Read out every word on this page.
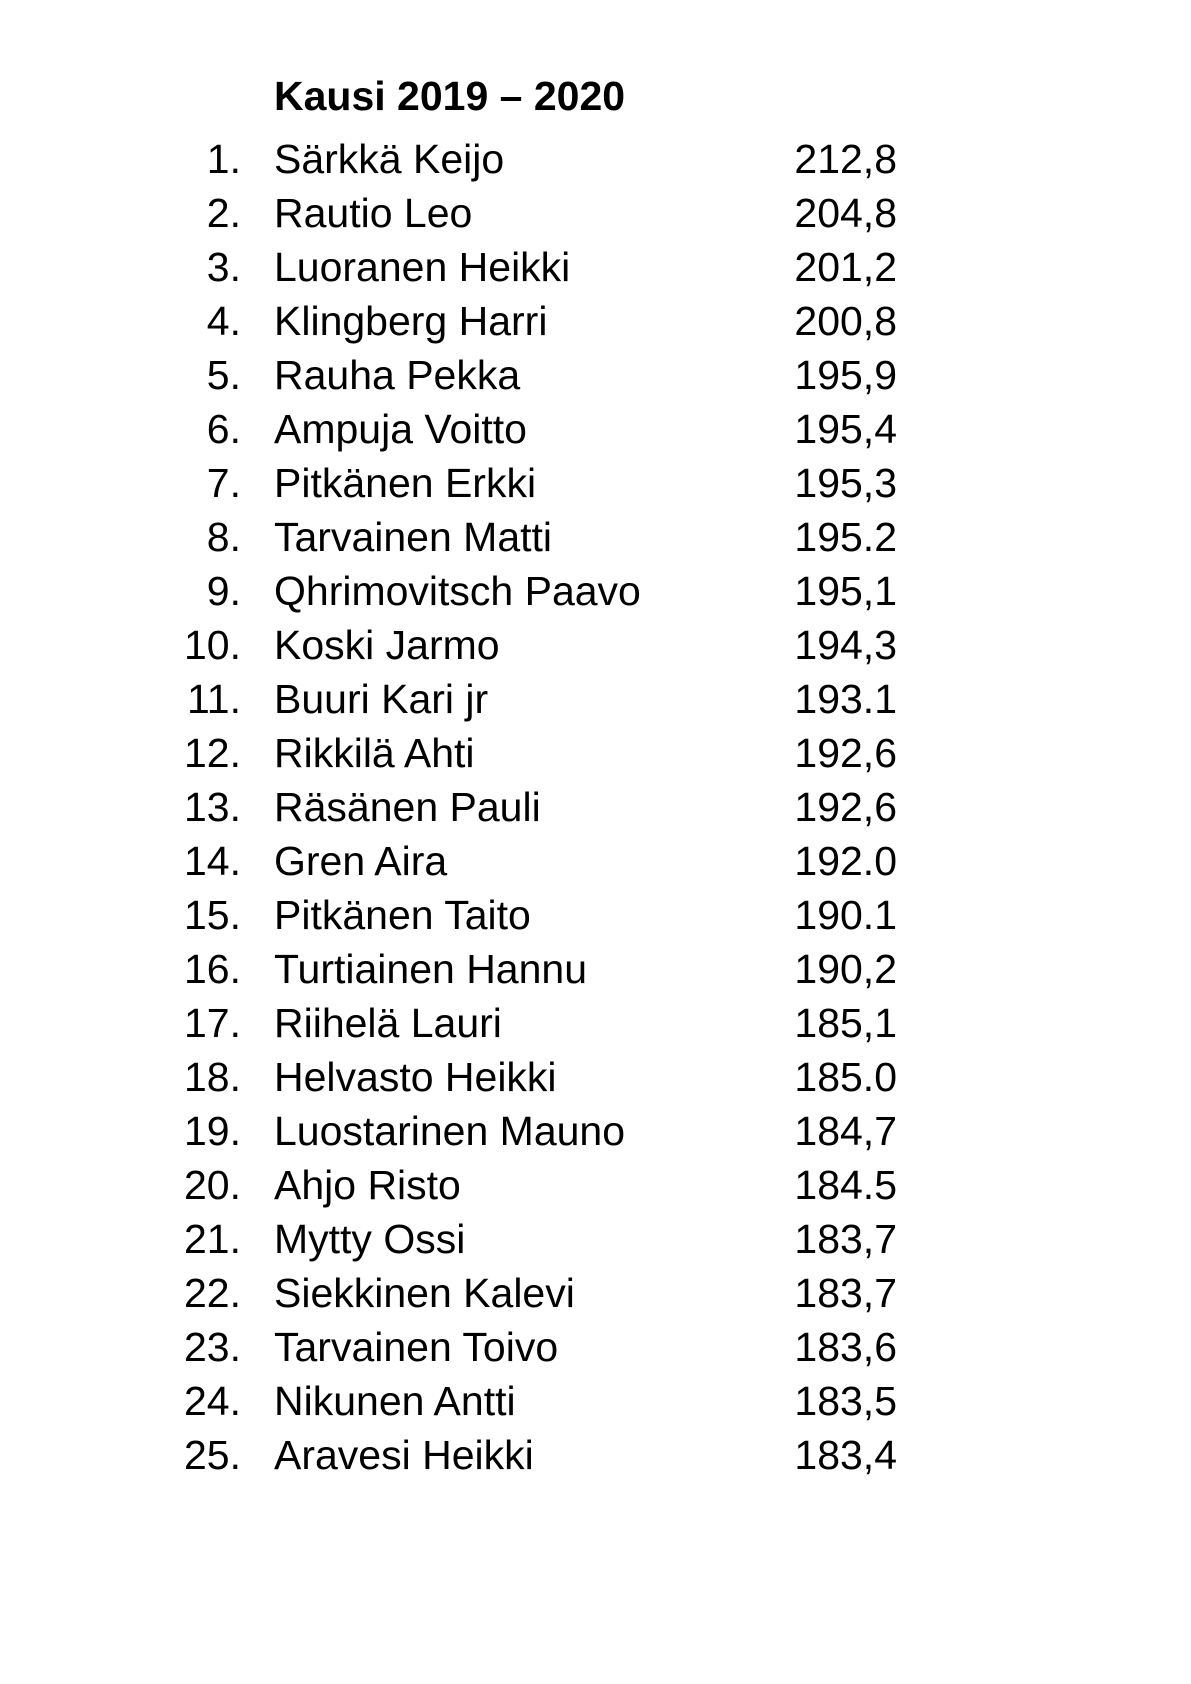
Kausi 2019 – 2020
1. Särkkä Keijo	212,8
2. Rautio Leo	204,8
3. Luoranen Heikki	201,2
4. Klingberg Harri	200,8
5. Rauha Pekka	195,9
6. Ampuja Voitto	195,4
7. Pitkänen Erkki	195,3
8. Tarvainen Matti	195.2
9. Qhrimovitsch Paavo	195,1
10. Koski Jarmo	194,3
11. Buuri Kari jr	193.1
12. Rikkilä Ahti	192,6
13. Räsänen Pauli	192,6
14. Gren Aira	192.0
15. Pitkänen Taito	190.1
16. Turtiainen Hannu	190,2
17. Riihelä Lauri	185,1
18. Helvasto Heikki	185.0
19. Luostarinen Mauno	184,7
20. Ahjo Risto	184.5
21. Mytty Ossi	183,7
22. Siekkinen Kalevi	183,7
23. Tarvainen Toivo	183,6
24. Nikunen Antti	183,5
25. Aravesi Heikki	183,4
